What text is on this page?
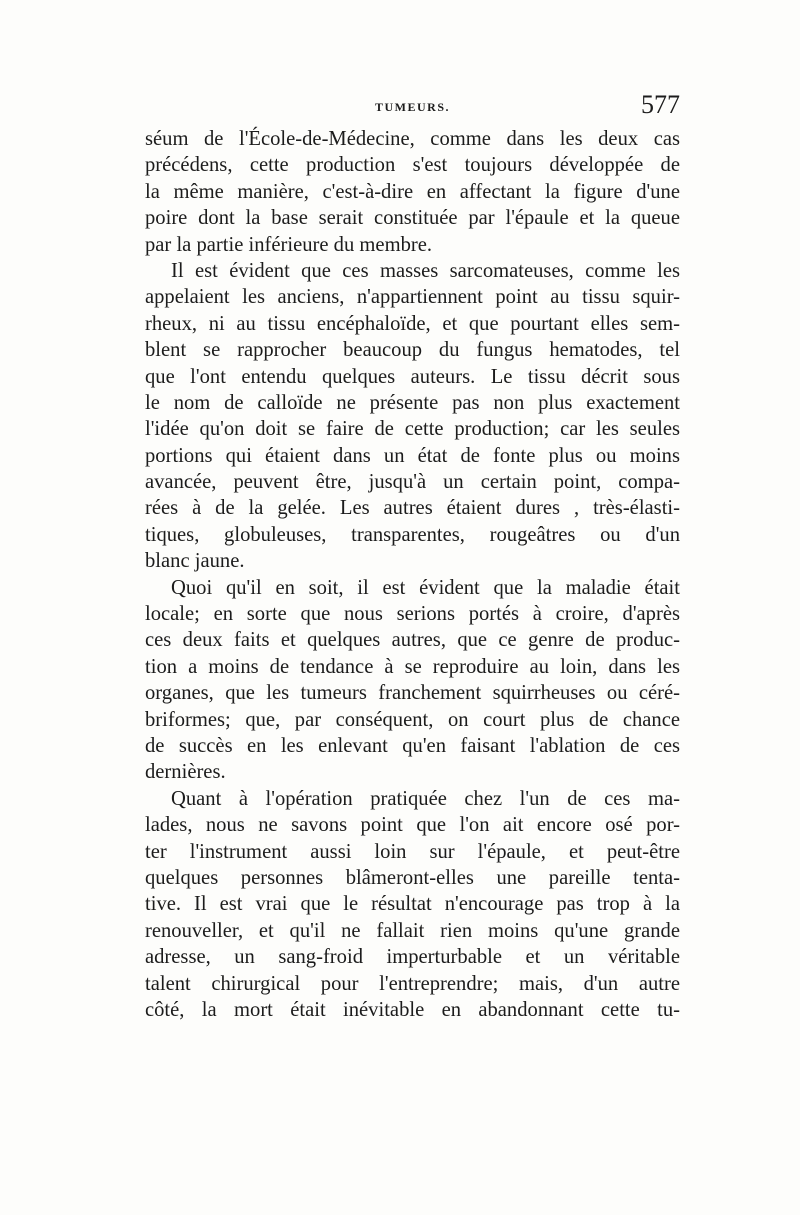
TUMEURS.	577
séum de l'École-de-Médecine, comme dans les deux cas
précédens, cette production s'est toujours développée de
la même manière, c'est-à-dire en affectant la figure d'une
poire dont la base serait constituée par l'épaule et la queue
par la partie inférieure du membre.
Il est évident que ces masses sarcomateuses, comme les
appelaient les anciens, n'appartiennent point au tissu squir-
rheux, ni au tissu encéphaloïde, et que pourtant elles sem-
blent se rapprocher beaucoup du fungus hematodes, tel
que l'ont entendu quelques auteurs. Le tissu décrit sous
le nom de calloïde ne présente pas non plus exactement
l'idée qu'on doit se faire de cette production; car les seules
portions qui étaient dans un état de fonte plus ou moins
avancée, peuvent être, jusqu'à un certain point, compa-
rées à de la gelée. Les autres étaient dures , très-élasti-
tiques, globuleuses, transparentes, rougeâtres ou d'un
blanc jaune.
Quoi qu'il en soit, il est évident que la maladie était
locale; en sorte que nous serions portés à croire, d'après
ces deux faits et quelques autres, que ce genre de produc-
tion a moins de tendance à se reproduire au loin, dans les
organes, que les tumeurs franchement squirrheuses ou céré-
briformes; que, par conséquent, on court plus de chance
de succès en les enlevant qu'en faisant l'ablation de ces
dernières.
Quant à l'opération pratiquée chez l'un de ces ma-
lades, nous ne savons point que l'on ait encore osé por-
ter l'instrument aussi loin sur l'épaule, et peut-être
quelques personnes blâmeront-elles une pareille tenta-
tive. Il est vrai que le résultat n'encourage pas trop à la
renouveller, et qu'il ne fallait rien moins qu'une grande
adresse, un sang-froid imperturbable et un véritable
talent chirurgical pour l'entreprendre; mais, d'un autre
côté, la mort était inévitable en abandonnant cette tu-
